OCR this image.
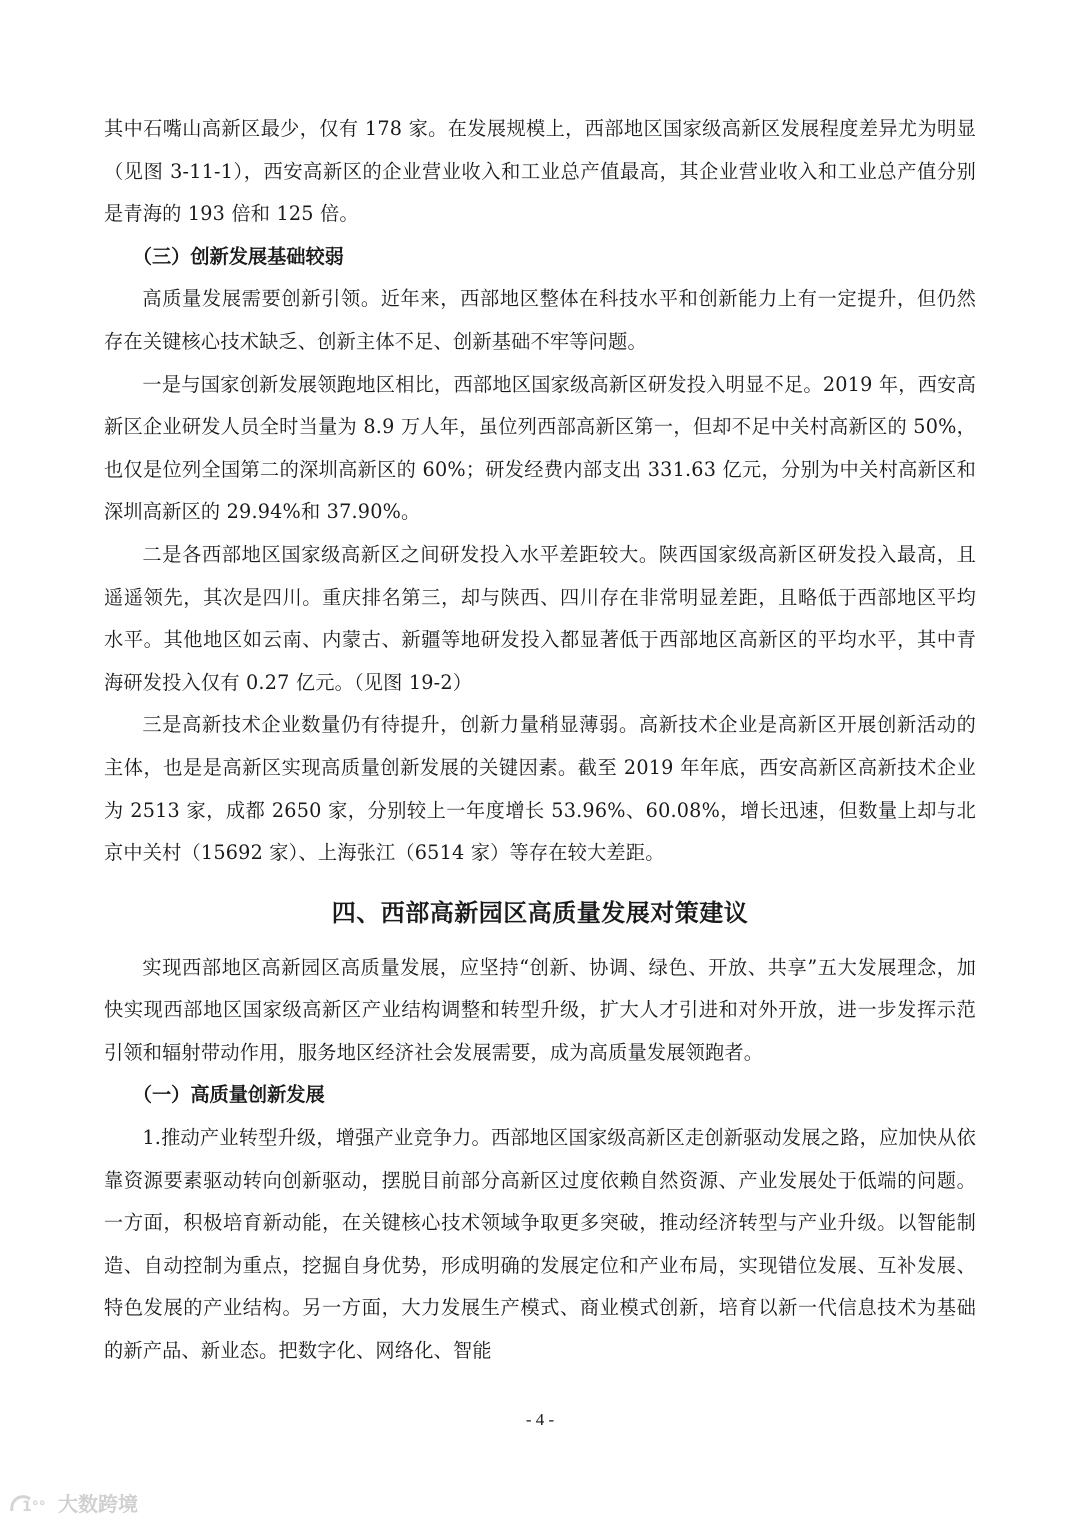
其中石嘴山高新区最少，仅有 178 家。在发展规模上，西部地区国家级高新区发展程度差异尤为明显（见图 3-11-1），西安高新区的企业营业收入和工业总产值最高，其企业营业收入和工业总产值分别是青海的 193 倍和 125 倍。

（三）创新发展基础较弱

高质量发展需要创新引领。近年来，西部地区整体在科技水平和创新能力上有一定提升，但仍然存在关键核心技术缺乏、创新主体不足、创新基础不牢等问题。

一是与国家创新发展领跑地区相比，西部地区国家级高新区研发投入明显不足。2019 年，西安高新区企业研发人员全时当量为 8.9 万人年，虽位列西部高新区第一，但却不足中关村高新区的 50%，也仅是位列全国第二的深圳高新区的 60%；研发经费内部支出 331.63 亿元，分别为中关村高新区和深圳高新区的 29.94%和 37.90%。

二是各西部地区国家级高新区之间研发投入水平差距较大。陕西国家级高新区研发投入最高，且遥遥领先，其次是四川。重庆排名第三，却与陕西、四川存在非常明显差距，且略低于西部地区平均水平。其他地区如云南、内蒙古、新疆等地研发投入都显著低于西部地区高新区的平均水平，其中青海研发投入仅有 0.27 亿元。（见图 19-2）

三是高新技术企业数量仍有待提升，创新力量稍显薄弱。高新技术企业是高新区开展创新活动的主体，也是是高新区实现高质量创新发展的关键因素。截至 2019 年年底，西安高新区高新技术企业为 2513 家，成都 2650 家，分别较上一年度增长 53.96%、60.08%，增长迅速，但数量上却与北京中关村（15692 家）、上海张江（6514 家）等存在较大差距。

四、西部高新园区高质量发展对策建议

实现西部地区高新园区高质量发展，应坚持“创新、协调、绿色、开放、共享”五大发展理念，加快实现西部地区国家级高新区产业结构调整和转型升级，扩大人才引进和对外开放，进一步发挥示范引领和辐射带动作用，服务地区经济社会发展需要，成为高质量发展领跑者。

（一）高质量创新发展

1.推动产业转型升级，增强产业竞争力。西部地区国家级高新区走创新驱动发展之路，应加快从依靠资源要素驱动转向创新驱动，摆脱目前部分高新区过度依赖自然资源、产业发展处于低端的问题。一方面，积极培育新动能，在关键核心技术领域争取更多突破，推动经济转型与产业升级。以智能制造、自动控制为重点，挖掘自身优势，形成明确的发展定位和产业布局，实现错位发展、互补发展、特色发展的产业结构。另一方面，大力发展生产模式、商业模式创新，培育以新一代信息技术为基础的新产品、新业态。把数字化、网络化、智能

- 4 -
1°° 大数跨境
